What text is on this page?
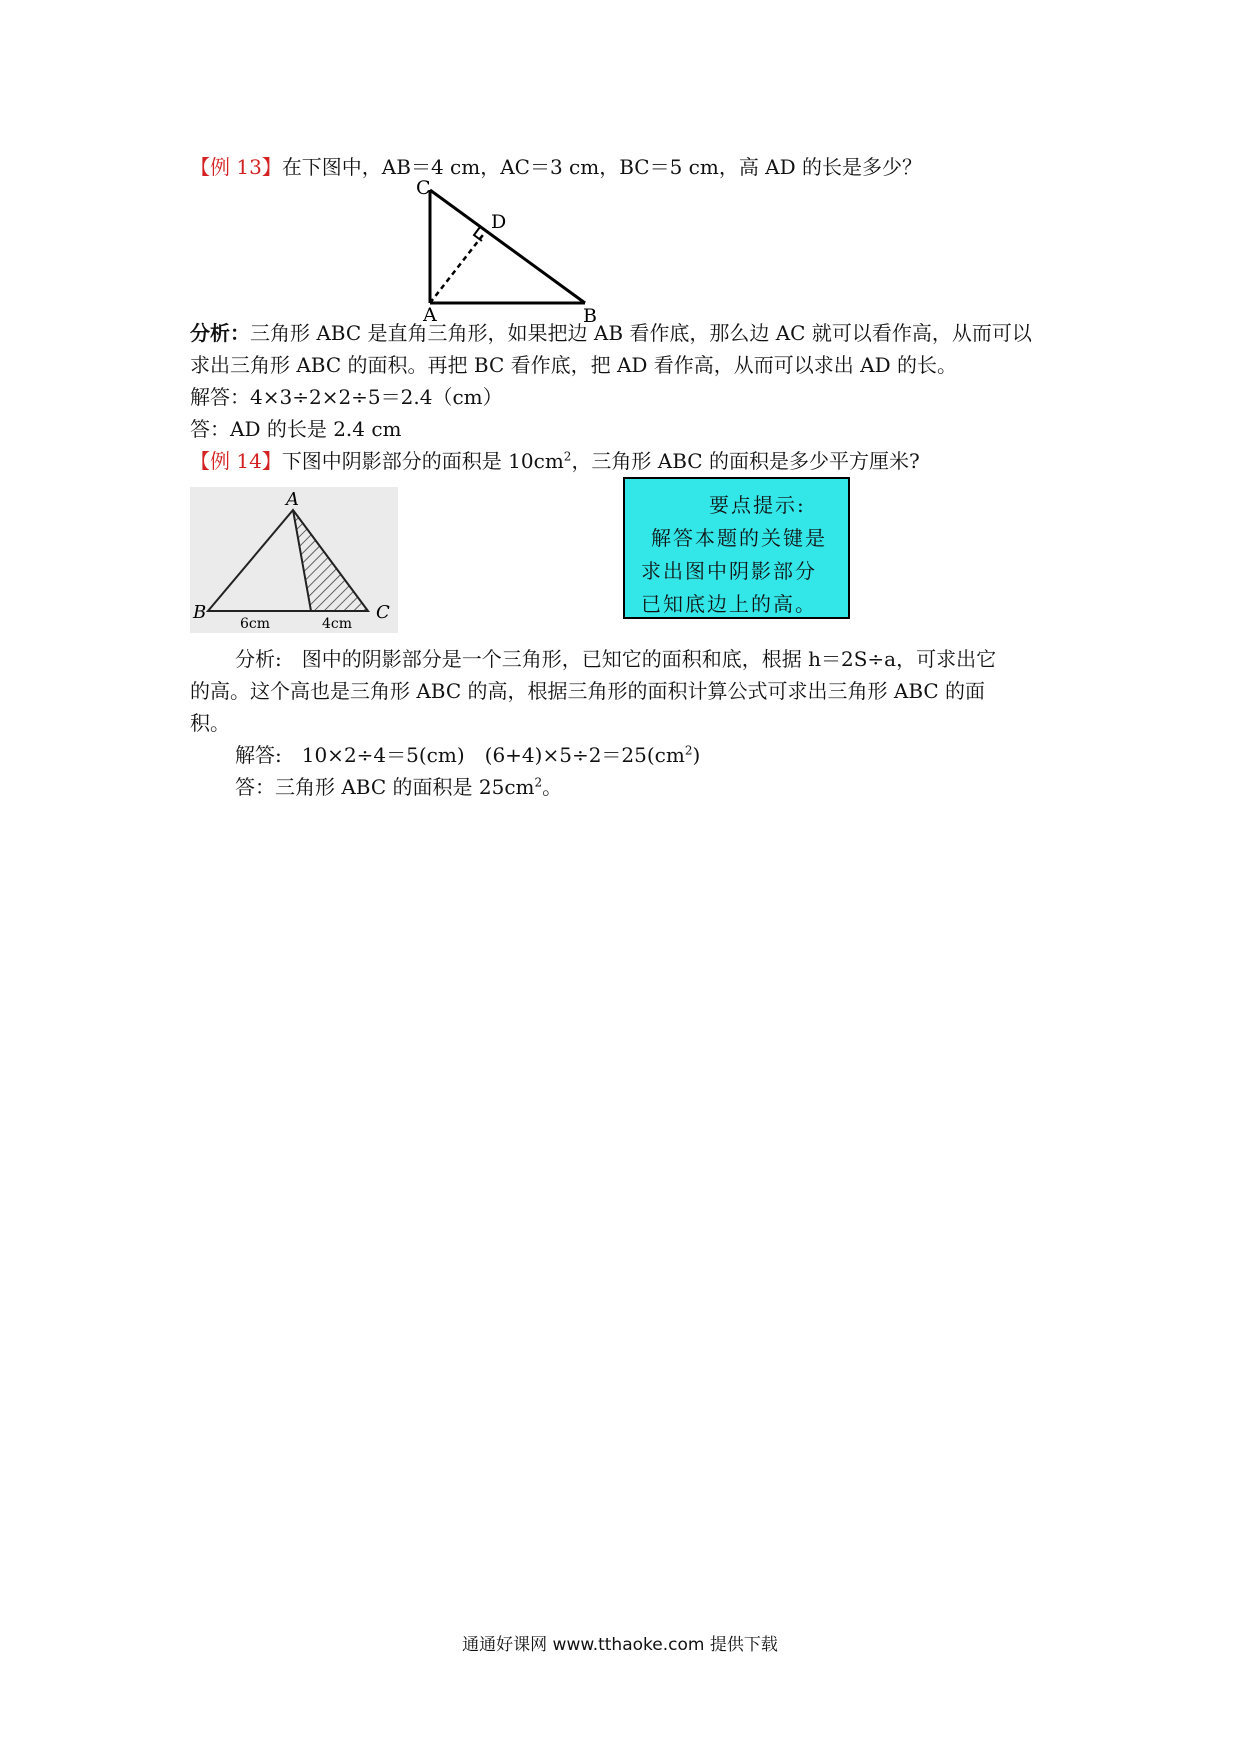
【例 13】在下图中，AB＝4 cm，AC＝3 cm，BC＝5 cm，高 AD 的长是多少？
C
D
A	B
分析：三角形 ABC 是直角三角形，如果把边 AB 看作底，那么边 AC 就可以看作高，从而可以
求出三角形 ABC 的面积。再把 BC 看作底，把 AD 看作高，从而可以求出 AD 的长。
解答：4×3÷2×2÷5＝2.4（cm）
答：AD 的长是 2.4 cm
【例 14】下图中阴影部分的面积是 $10cm^2$，三角形 ABC 的面积是多少平方厘米?
A
B	C
6cm	4cm
要点提示:
解答本题的关键是
求出图中阴影部分
已知底边上的高。
分析:　图中的阴影部分是一个三角形，已知它的面积和底，根据 h＝2S÷a，可求出它
的高。这个高也是三角形 ABC 的高，根据三角形的面积计算公式可求出三角形 ABC 的面
积。
解答:　10×2÷4＝5(cm)　$(6+4)\times 5\div 2=25(cm^2)$
答：三角形 ABC 的面积是 $25cm^2$。
通通好课网 www.tthaoke.com 提供下载
